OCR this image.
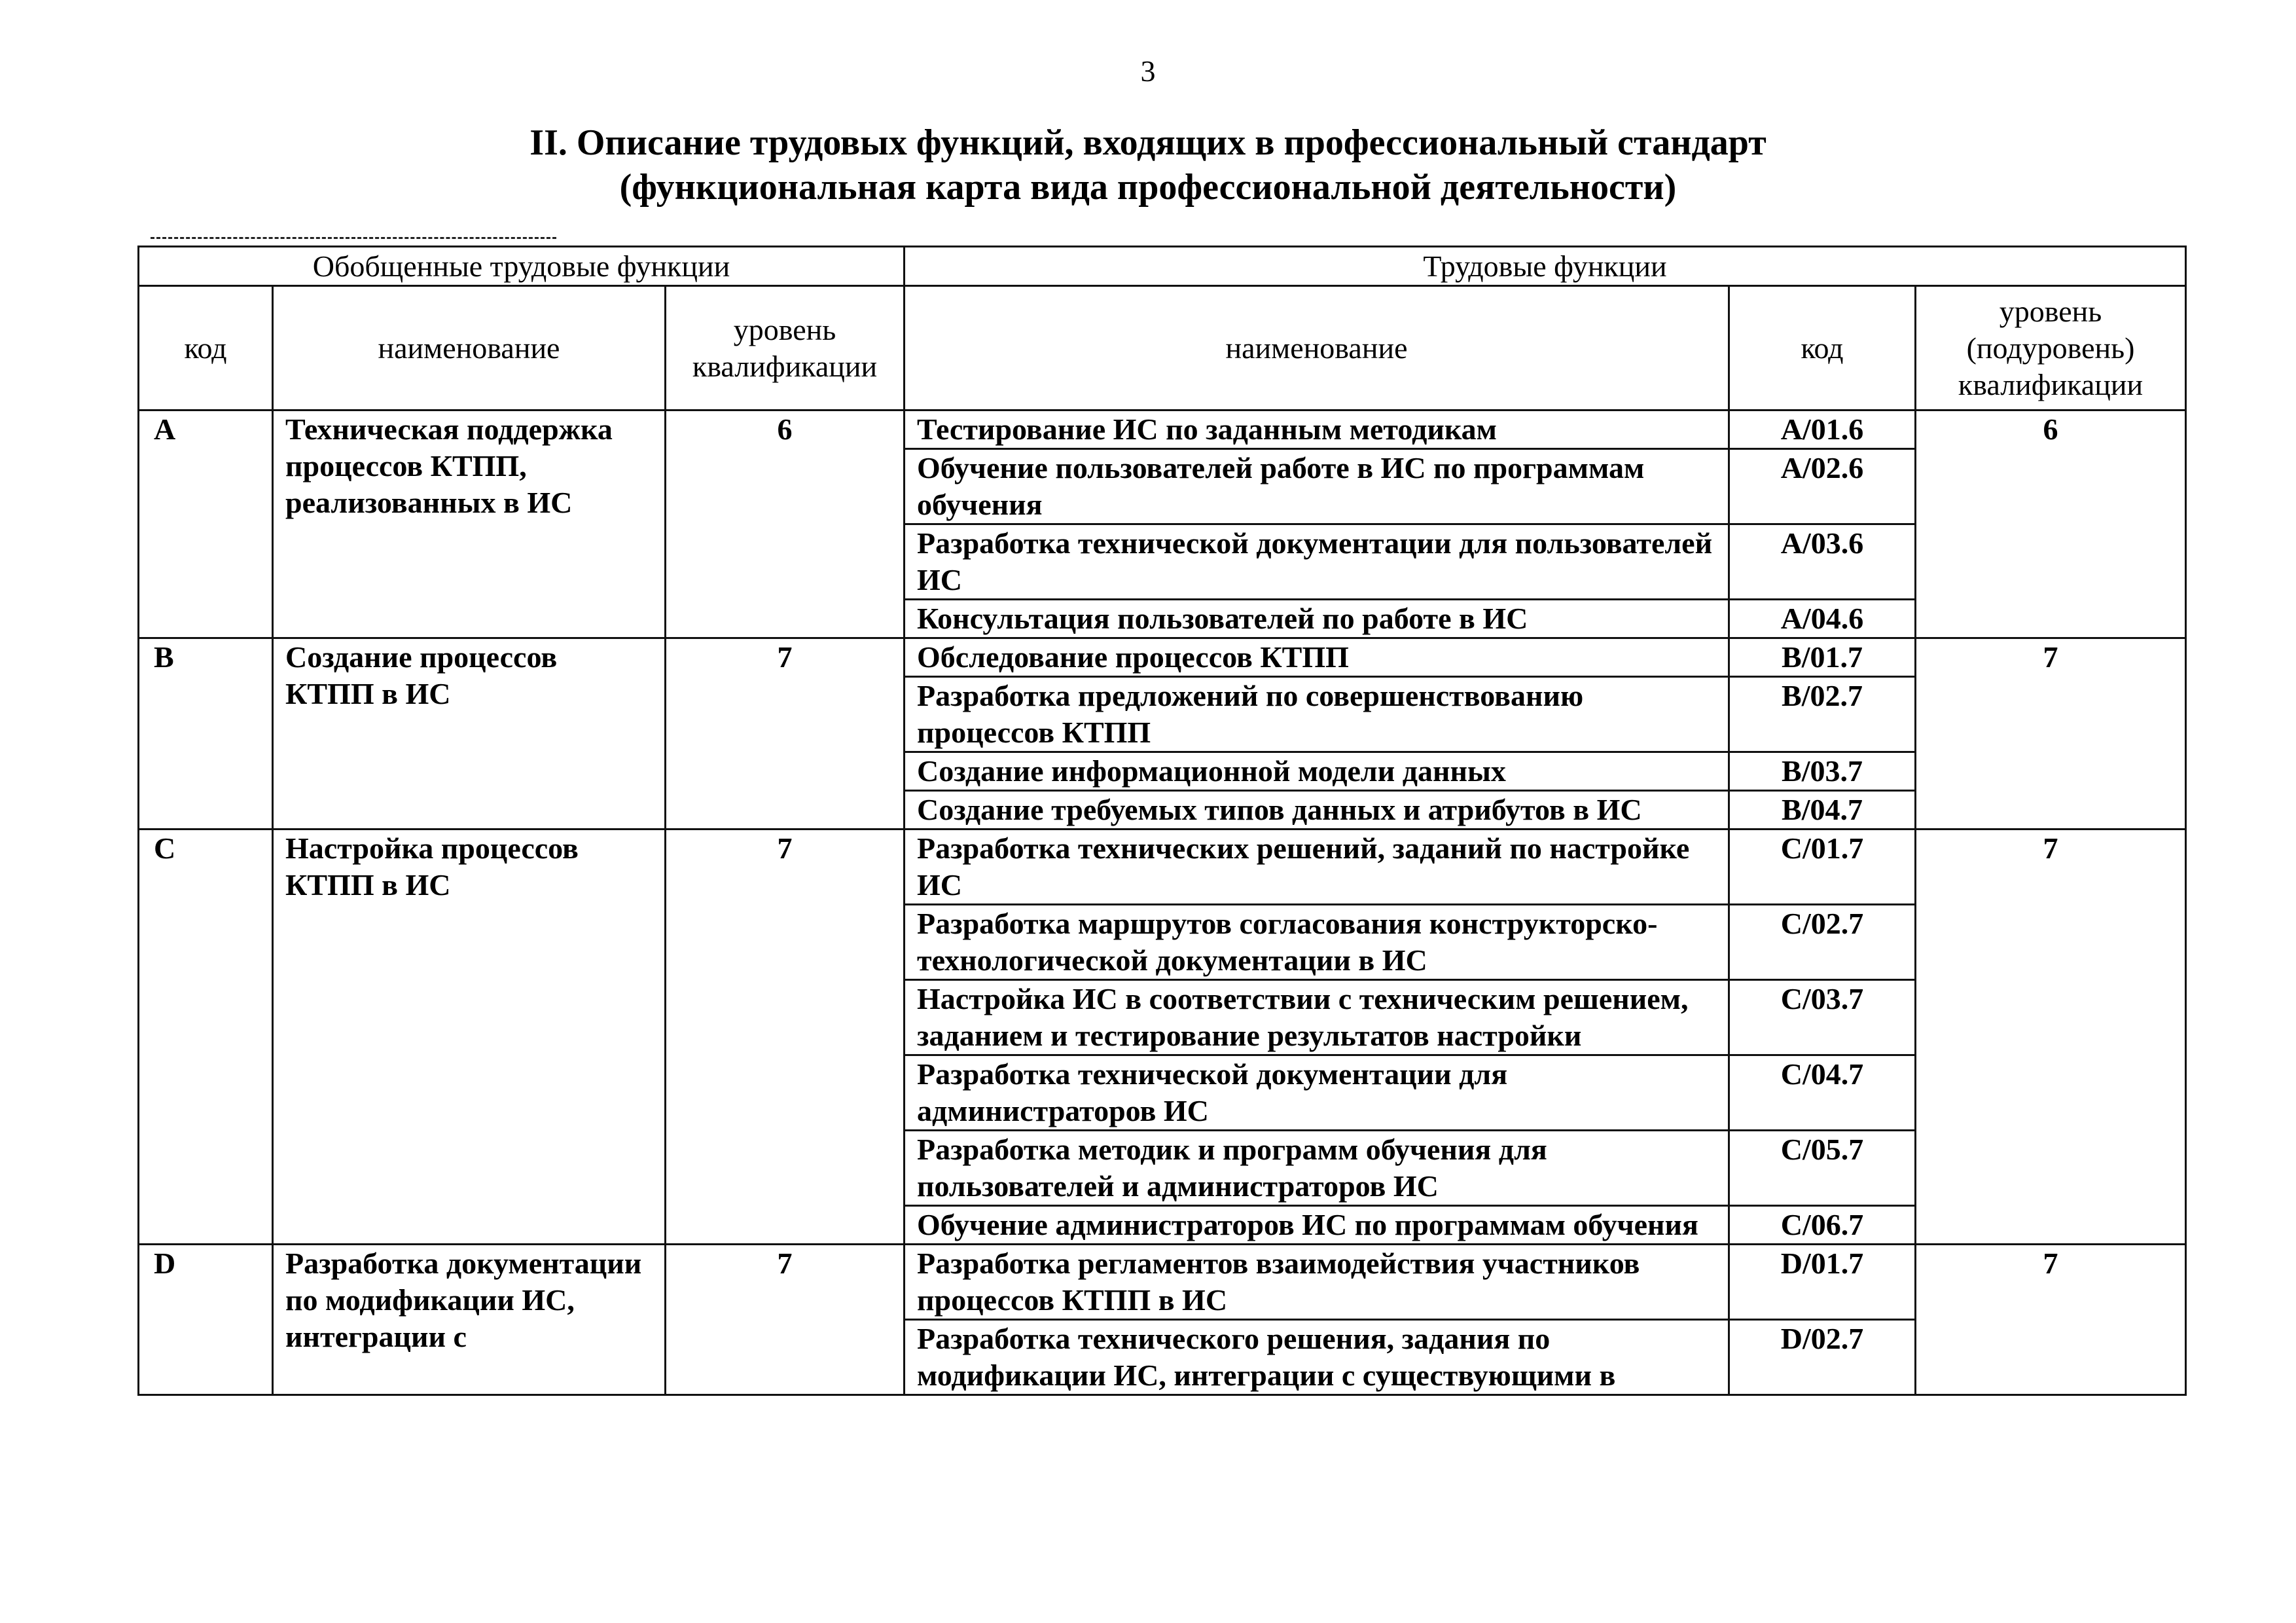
3
II. Описание трудовых функций, входящих в профессиональный стандарт
(функциональная карта вида профессиональной деятельности)
Обобщенные трудовые функции			Трудовые функции		
код	наименование	уровень квалификации	наименование	код	уровень (подуровень) квалификации
A	Техническая поддержка процессов КТПП, реализованных в ИС	6	Тестирование ИС по заданным методикам	A/01.6	6
			Обучение пользователей работе в ИС по программам обучения	A/02.6	
			Разработка технической документации для пользователей ИС	A/03.6	
			Консультация пользователей по работе в ИС	A/04.6	
B	Создание процессов КТПП в ИС	7	Обследование процессов КТПП	B/01.7	7
			Разработка предложений по совершенствованию процессов КТПП	B/02.7	
			Создание информационной модели данных	B/03.7	
			Создание требуемых типов данных и атрибутов в ИС	B/04.7	
C	Настройка процессов КТПП в ИС	7	Разработка технических решений, заданий по настройке ИС	C/01.7	7
			Разработка маршрутов согласования конструкторско-технологической документации в ИС	C/02.7	
			Настройка ИС в соответствии с техническим решением, заданием и тестирование результатов настройки	C/03.7	
			Разработка технической документации для администраторов ИС	C/04.7	
			Разработка методик и программ обучения для пользователей и администраторов ИС	C/05.7	
			Обучение администраторов ИС по программам обучения	C/06.7	
D	Разработка документации по модификации ИС, интеграции с	7	Разработка регламентов взаимодействия участников процессов КТПП в ИС	D/01.7	7
			Разработка технического решения, задания по модификации ИС, интеграции с существующими в	D/02.7	
